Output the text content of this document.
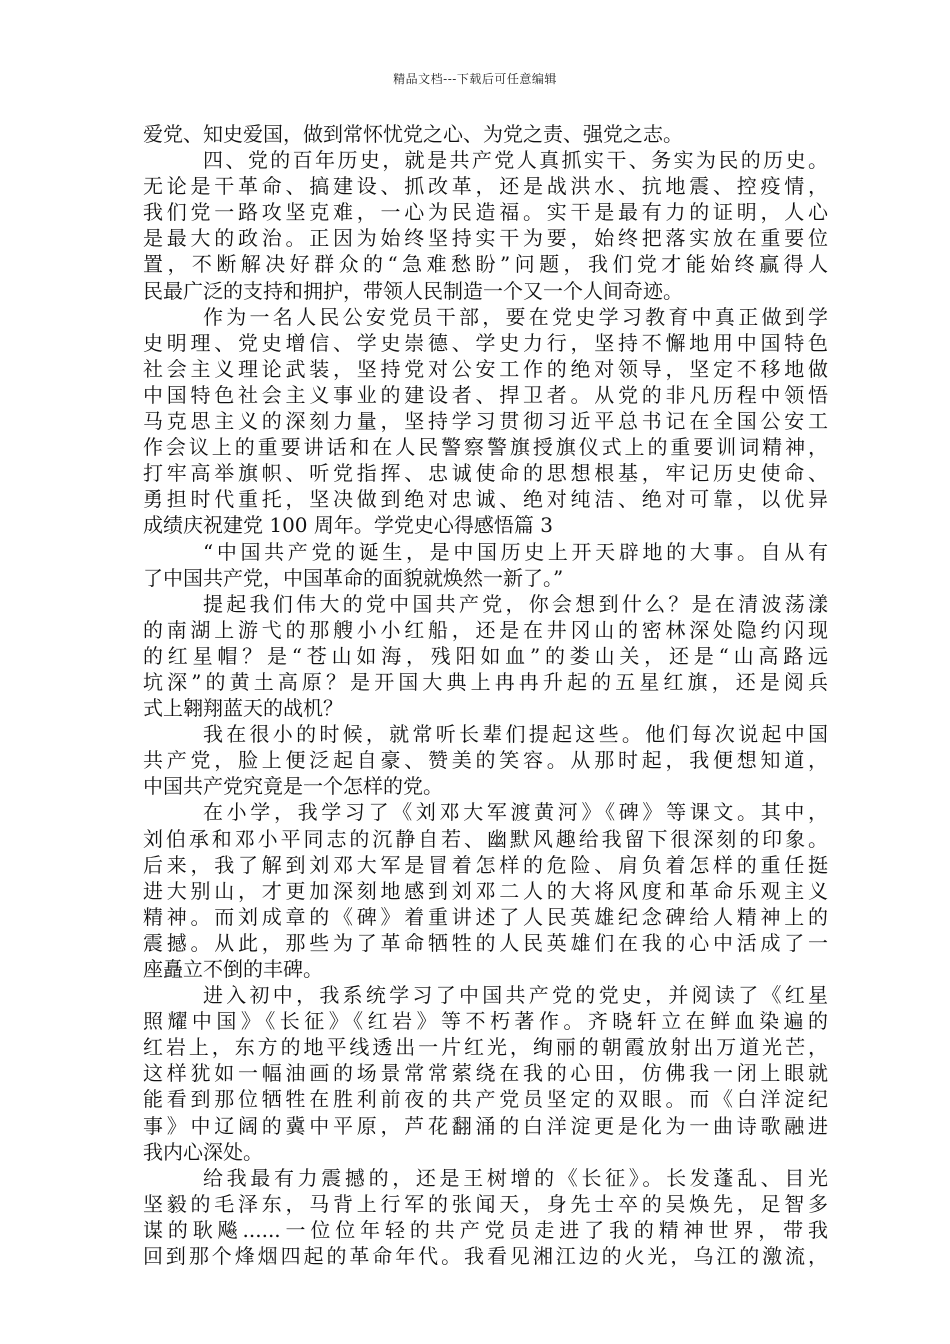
精品文档---下载后可任意编辑
爱党、知史爱国，做到常怀忧党之心、为党之责、强党之志。
四、党的百年历史，就是共产党人真抓实干、务实为民的历史。
无论是干革命、搞建设、抓改革，还是战洪水、抗地震、控疫情，
我们党一路攻坚克难，一心为民造福。实干是最有力的证明，人心
是最大的政治。正因为始终坚持实干为要，始终把落实放在重要位
置，不断解决好群众的“急难愁盼”问题，我们党才能始终赢得人
民最广泛的支持和拥护，带领人民制造一个又一个人间奇迹。
作为一名人民公安党员干部，要在党史学习教育中真正做到学
史明理、党史增信、学史崇德、学史力行，坚持不懈地用中国特色
社会主义理论武装，坚持党对公安工作的绝对领导，坚定不移地做
中国特色社会主义事业的建设者、捍卫者。从党的非凡历程中领悟
马克思主义的深刻力量，坚持学习贯彻习近平总书记在全国公安工
作会议上的重要讲话和在人民警察警旗授旗仪式上的重要训词精神，
打牢高举旗帜、听党指挥、忠诚使命的思想根基，牢记历史使命、
勇担时代重托，坚决做到绝对忠诚、绝对纯洁、绝对可靠，以优异
成绩庆祝建党 100 周年。学党史心得感悟篇 3
“中国共产党的诞生，是中国历史上开天辟地的大事。自从有
了中国共产党，中国革命的面貌就焕然一新了。”
提起我们伟大的党中国共产党，你会想到什么？是在清波荡漾
的南湖上游弋的那艘小小红船，还是在井冈山的密林深处隐约闪现
的红星帽？是“苍山如海，残阳如血”的娄山关，还是“山高路远
坑深”的黄土高原？是开国大典上冉冉升起的五星红旗，还是阅兵
式上翱翔蓝天的战机？
我在很小的时候，就常听长辈们提起这些。他们每次说起中国
共产党，脸上便泛起自豪、赞美的笑容。从那时起，我便想知道，
中国共产党究竟是一个怎样的党。
在小学，我学习了《刘邓大军渡黄河》《碑》等课文。其中，
刘伯承和邓小平同志的沉静自若、幽默风趣给我留下很深刻的印象。
后来，我了解到刘邓大军是冒着怎样的危险、肩负着怎样的重任挺
进大别山，才更加深刻地感到刘邓二人的大将风度和革命乐观主义
精神。而刘成章的《碑》着重讲述了人民英雄纪念碑给人精神上的
震撼。从此，那些为了革命牺牲的人民英雄们在我的心中活成了一
座矗立不倒的丰碑。
进入初中，我系统学习了中国共产党的党史，并阅读了《红星
照耀中国》《长征》《红岩》等不朽著作。齐晓轩立在鲜血染遍的
红岩上，东方的地平线透出一片红光，绚丽的朝霞放射出万道光芒，
这样犹如一幅油画的场景常常萦绕在我的心田，仿佛我一闭上眼就
能看到那位牺牲在胜利前夜的共产党员坚定的双眼。而《白洋淀纪
事》中辽阔的冀中平原，芦花翻涌的白洋淀更是化为一曲诗歌融进
我内心深处。
给我最有力震撼的，还是王树增的《长征》。长发蓬乱、目光
坚毅的毛泽东，马背上行军的张闻天，身先士卒的吴焕先，足智多
谋的耿飚......一位位年轻的共产党员走进了我的精神世界，带我
回到那个烽烟四起的革命年代。我看见湘江边的火光，乌江的激流，
